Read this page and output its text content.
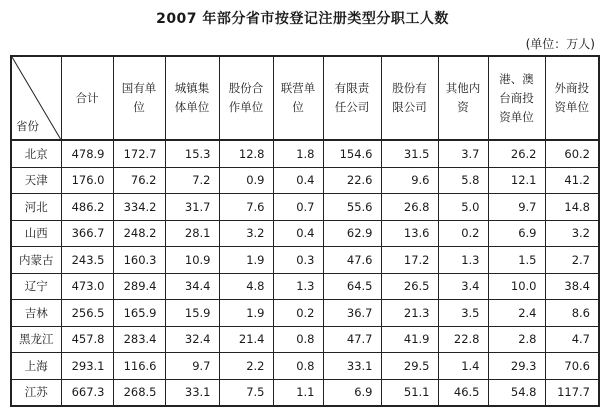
2007 年部分省市按登记注册类型分职工人数
(单位：万人)
省份	合计	国有单位	城镇集体单位	股份合作单位	联营单位	有限责任公司	股份有限公司	其他内资	港、澳台商投资单位	外商投资单位
北京	478.9	172.7	15.3	12.8	1.8	154.6	31.5	3.7	26.2	60.2
天津	176.0	76.2	7.2	0.9	0.4	22.6	9.6	5.8	12.1	41.2
河北	486.2	334.2	31.7	7.6	0.7	55.6	26.8	5.0	9.7	14.8
山西	366.7	248.2	28.1	3.2	0.4	62.9	13.6	0.2	6.9	3.2
内蒙古	243.5	160.3	10.9	1.9	0.3	47.6	17.2	1.3	1.5	2.7
辽宁	473.0	289.4	34.4	4.8	1.3	64.5	26.5	3.4	10.0	38.4
吉林	256.5	165.9	15.9	1.9	0.2	36.7	21.3	3.5	2.4	8.6
黑龙江	457.8	283.4	32.4	21.4	0.8	47.7	41.9	22.8	2.8	4.7
上海	293.1	116.6	9.7	2.2	0.8	33.1	29.5	1.4	29.3	70.6
江苏	667.3	268.5	33.1	7.5	1.1	6.9	51.1	46.5	54.8	117.7
